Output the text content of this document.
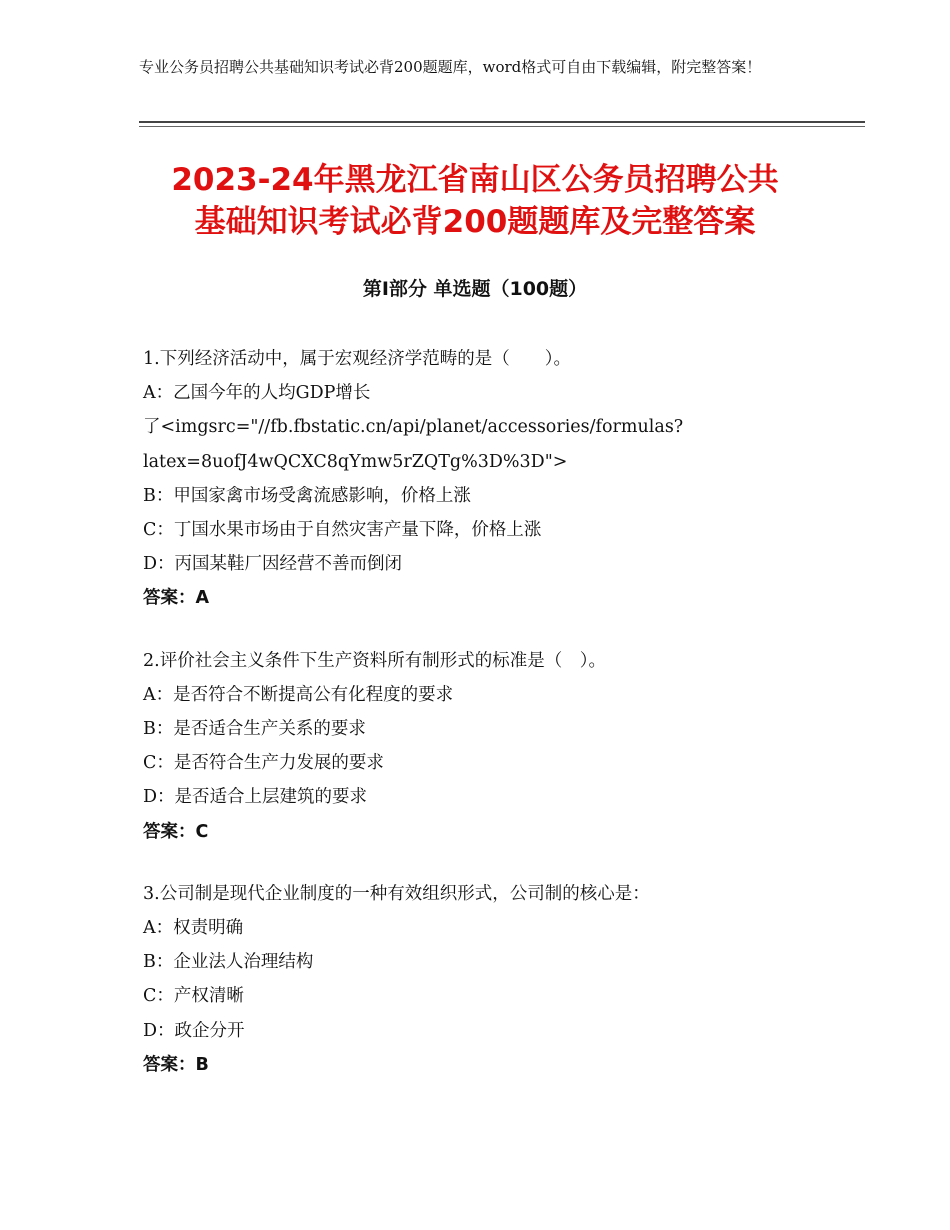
专业公务员招聘公共基础知识考试必背200题题库，word格式可自由下载编辑，附完整答案！
2023-24年黑龙江省南山区公务员招聘公共
基础知识考试必背200题题库及完整答案
第I部分 单选题（100题）
1.下列经济活动中，属于宏观经济学范畴的是（　　）。
A：乙国今年的人均GDP增长
了<imgsrc="//fb.fbstatic.cn/api/planet/accessories/formulas?
latex=8uofJ4wQCXC8qYmw5rZQTg%3D%3D">
B：甲国家禽市场受禽流感影响，价格上涨
C：丁国水果市场由于自然灾害产量下降，价格上涨
D：丙国某鞋厂因经营不善而倒闭
答案：A
2.评价社会主义条件下生产资料所有制形式的标准是（　）。
A：是否符合不断提高公有化程度的要求
B：是否适合生产关系的要求
C：是否符合生产力发展的要求
D：是否适合上层建筑的要求
答案：C
3.公司制是现代企业制度的一种有效组织形式，公司制的核心是：
A：权责明确
B：企业法人治理结构
C：产权清晰
D：政企分开
答案：B
